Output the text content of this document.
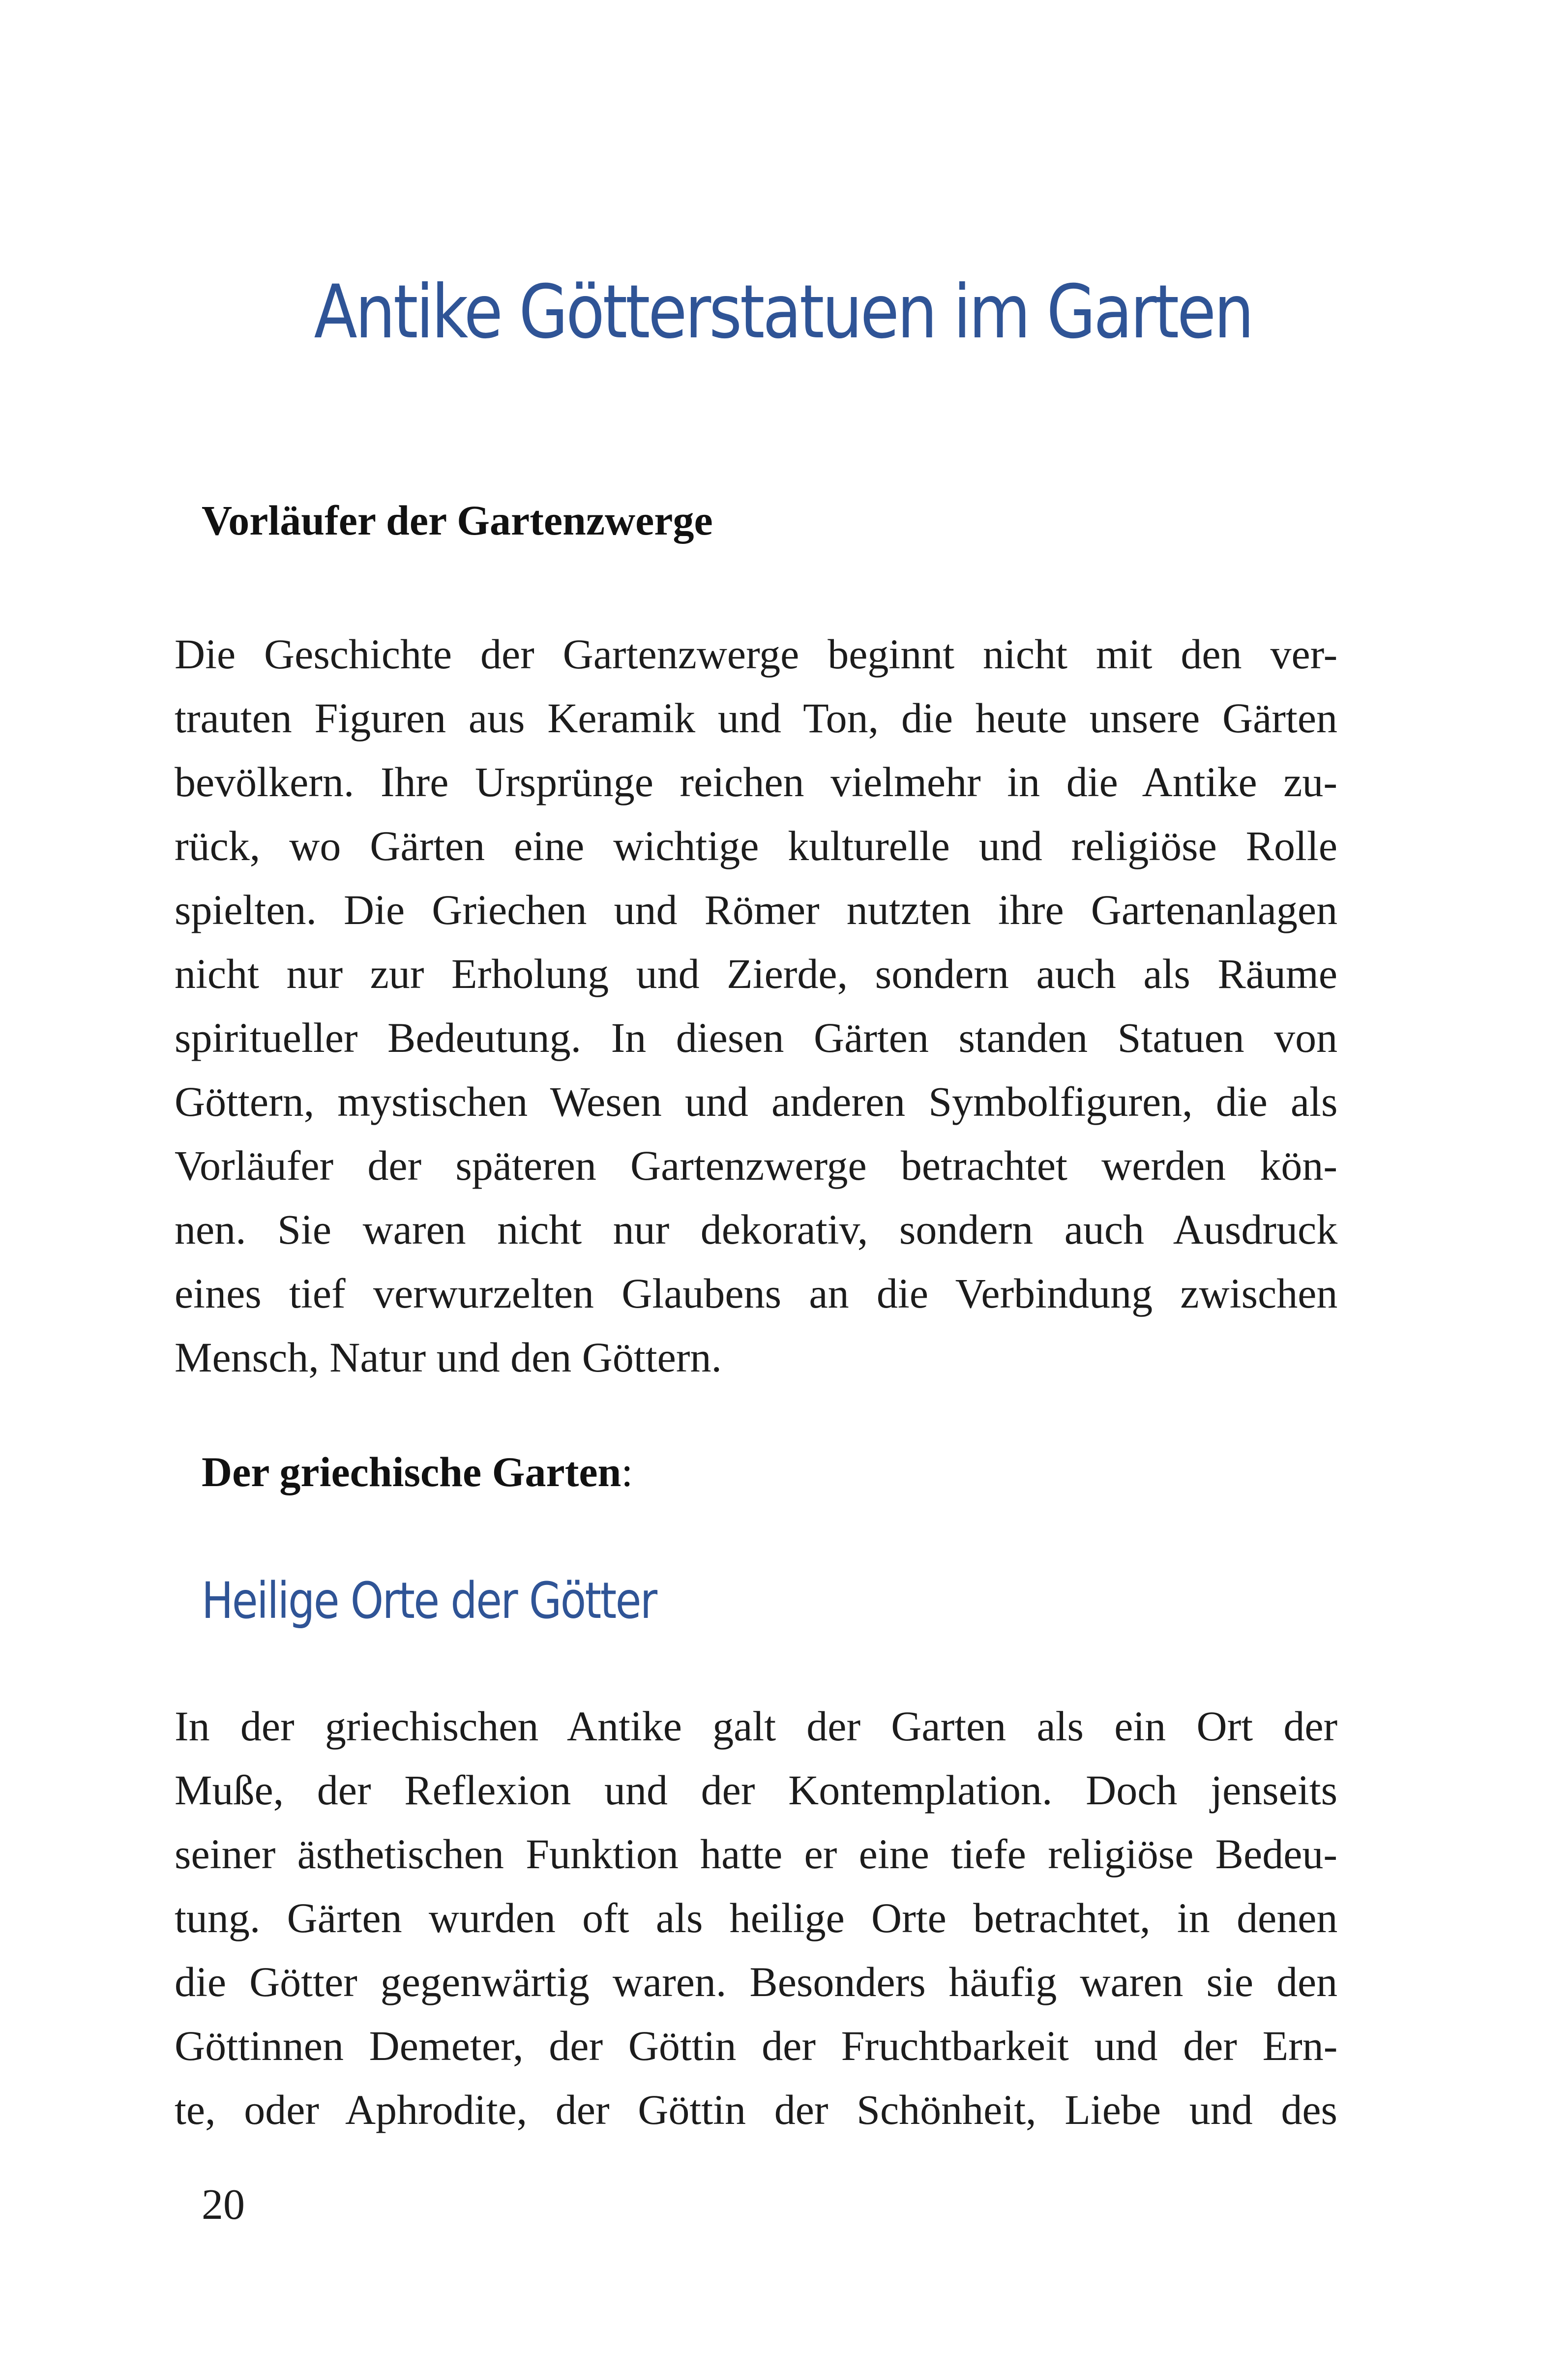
Antike Götterstatuen im Garten
Vorläufer der Gartenzwerge
Die Geschichte der Gartenzwerge beginnt nicht mit den ver-
trauten Figuren aus Keramik und Ton, die heute unsere Gärten
bevölkern. Ihre Ursprünge reichen vielmehr in die Antike zu-
rück, wo Gärten eine wichtige kulturelle und religiöse Rolle
spielten. Die Griechen und Römer nutzten ihre Gartenanlagen
nicht nur zur Erholung und Zierde, sondern auch als Räume
spiritueller Bedeutung. In diesen Gärten standen Statuen von
Göttern, mystischen Wesen und anderen Symbolfiguren, die als
Vorläufer der späteren Gartenzwerge betrachtet werden kön-
nen. Sie waren nicht nur dekorativ, sondern auch Ausdruck
eines tief verwurzelten Glaubens an die Verbindung zwischen
Mensch, Natur und den Göttern.
Der griechische Garten:
Heilige Orte der Götter
In der griechischen Antike galt der Garten als ein Ort der
Muße, der Reflexion und der Kontemplation. Doch jenseits
seiner ästhetischen Funktion hatte er eine tiefe religiöse Bedeu-
tung. Gärten wurden oft als heilige Orte betrachtet, in denen
die Götter gegenwärtig waren. Besonders häufig waren sie den
Göttinnen Demeter, der Göttin der Fruchtbarkeit und der Ern-
te, oder Aphrodite, der Göttin der Schönheit, Liebe und des
20
